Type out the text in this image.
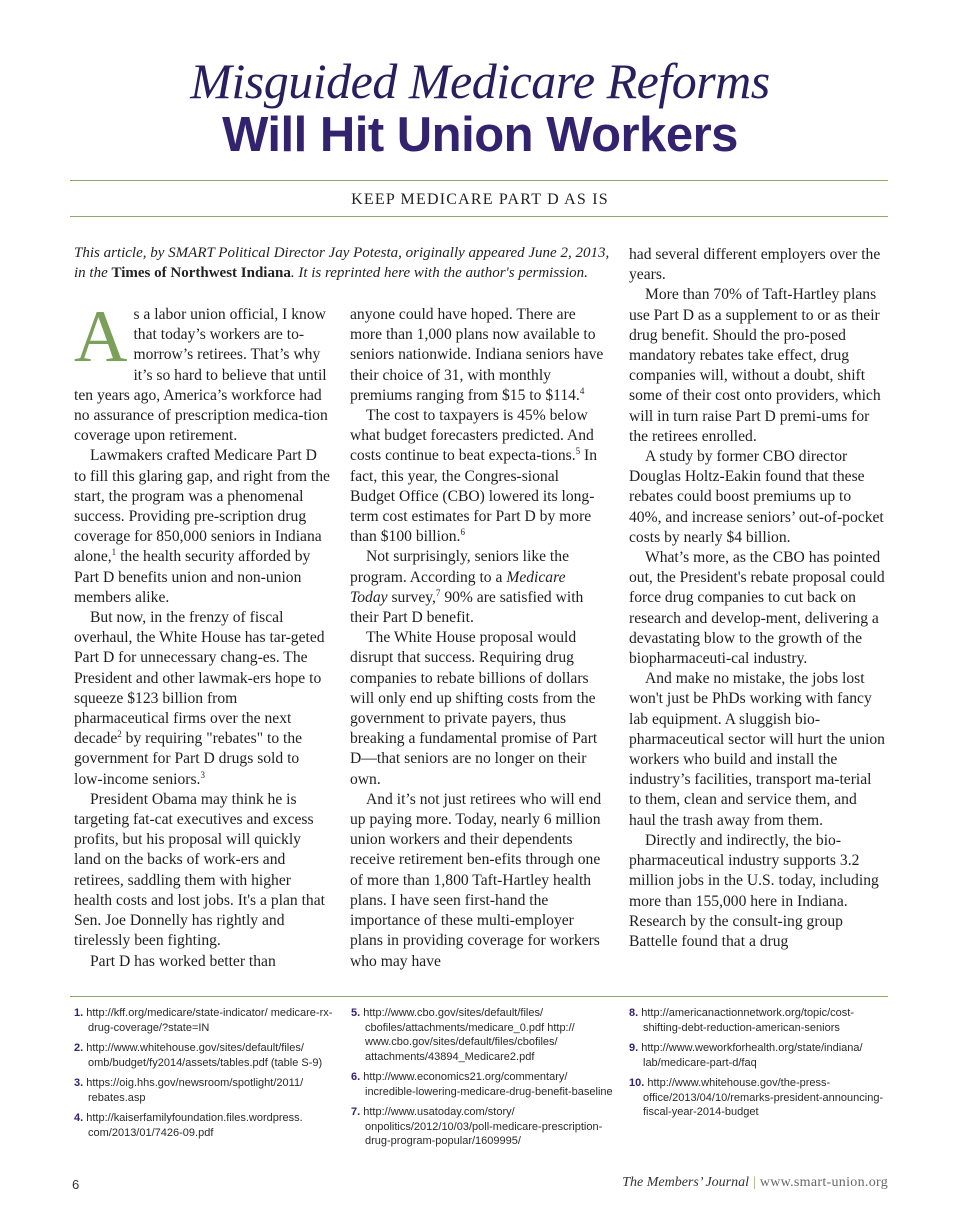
Misguided Medicare Reforms
Will Hit Union Workers
KEEP MEDICARE PART D AS IS
This article, by SMART Political Director Jay Potesta, originally appeared June 2, 2013, in the Times of Northwest Indiana. It is reprinted here with the author's permission.

As a labor union official, I know that today’s workers are to-morrow’s retirees. That’s why it’s so hard to believe that until ten years ago, America’s workforce had no assurance of prescription medica-tion coverage upon retirement.

Lawmakers crafted Medicare Part D to fill this glaring gap, and right from the start, the program was a phenomenal success. Providing pre-scription drug coverage for 850,000 seniors in Indiana alone,$^1$ the health security afforded by Part D benefits union and non-union members alike.

But now, in the frenzy of fiscal overhaul, the White House has tar-geted Part D for unnecessary chang-es. The President and other lawmak-ers hope to squeeze $123 billion from pharmaceutical firms over the next decade$^2$ by requiring "rebates" to the government for Part D drugs sold to low-income seniors.$^3$

President Obama may think he is targeting fat-cat executives and excess profits, but his proposal will quickly land on the backs of work-ers and retirees, saddling them with higher health costs and lost jobs. It's a plan that Sen. Joe Donnelly has rightly and tirelessly been fighting.

Part D has worked better than

anyone could have hoped. There are more than 1,000 plans now available to seniors nationwide. Indiana seniors have their choice of 31, with monthly premiums ranging from $15 to $114.$^4$

The cost to taxpayers is 45% below what budget forecasters predicted. And costs continue to beat expecta-tions.$^5$ In fact, this year, the Congres-sional Budget Office (CBO) lowered its long-term cost estimates for Part D by more than $100 billion.$^6$

Not surprisingly, seniors like the program. According to a Medicare Today survey,$^7$ 90% are satisfied with their Part D benefit.

The White House proposal would disrupt that success. Requiring drug companies to rebate billions of dollars will only end up shifting costs from the government to private payers, thus breaking a fundamental promise of Part D—that seniors are no longer on their own.

And it’s not just retirees who will end up paying more. Today, nearly 6 million union workers and their dependents receive retirement ben-efits through one of more than 1,800 Taft-Hartley health plans. I have seen first-hand the importance of these multi-employer plans in providing coverage for workers who may have

had several different employers over the years.

More than 70% of Taft-Hartley plans use Part D as a supplement to or as their drug benefit. Should the pro-posed mandatory rebates take effect, drug companies will, without a doubt, shift some of their cost onto providers, which will in turn raise Part D premi-ums for the retirees enrolled.

A study by former CBO director Douglas Holtz-Eakin found that these rebates could boost premiums up to 40%, and increase seniors’ out-of-pocket costs by nearly $4 billion.

What’s more, as the CBO has pointed out, the President's rebate proposal could force drug companies to cut back on research and develop-ment, delivering a devastating blow to the growth of the biopharmaceuti-cal industry.

And make no mistake, the jobs lost won't just be PhDs working with fancy lab equipment. A sluggish bio-pharmaceutical sector will hurt the union workers who build and install the industry’s facilities, transport ma-terial to them, clean and service them, and haul the trash away from them.

Directly and indirectly, the bio-pharmaceutical industry supports 3.2 million jobs in the U.S. today, including more than 155,000 here in Indiana. Research by the consult-ing group Battelle found that a drug

1. http://kff.org/medicare/state-indicator/ medicare-rx-drug-coverage/?state=IN
2. http://www.whitehouse.gov/sites/default/files/ omb/budget/fy2014/assets/tables.pdf (table S-9)
3. https://oig.hhs.gov/newsroom/spotlight/2011/ rebates.asp
4. http://kaiserfamilyfoundation.files.wordpress. com/2013/01/7426-09.pdf
5. http://www.cbo.gov/sites/default/files/ cbofiles/attachments/medicare_0.pdf http:// www.cbo.gov/sites/default/files/cbofiles/ attachments/43894_Medicare2.pdf
6. http://www.economics21.org/commentary/ incredible-lowering-medicare-drug-benefit-baseline
7. http://www.usatoday.com/story/ onpolitics/2012/10/03/poll-medicare-prescription-drug-program-popular/1609995/
8. http://americanactionnetwork.org/topic/cost-shifting-debt-reduction-american-seniors
9. http://www.weworkforhealth.org/state/indiana/ lab/medicare-part-d/faq
10. http://www.whitehouse.gov/the-press-office/2013/04/10/remarks-president-announcing-fiscal-year-2014-budget
6	The Members’ Journal | www.smart-union.org
